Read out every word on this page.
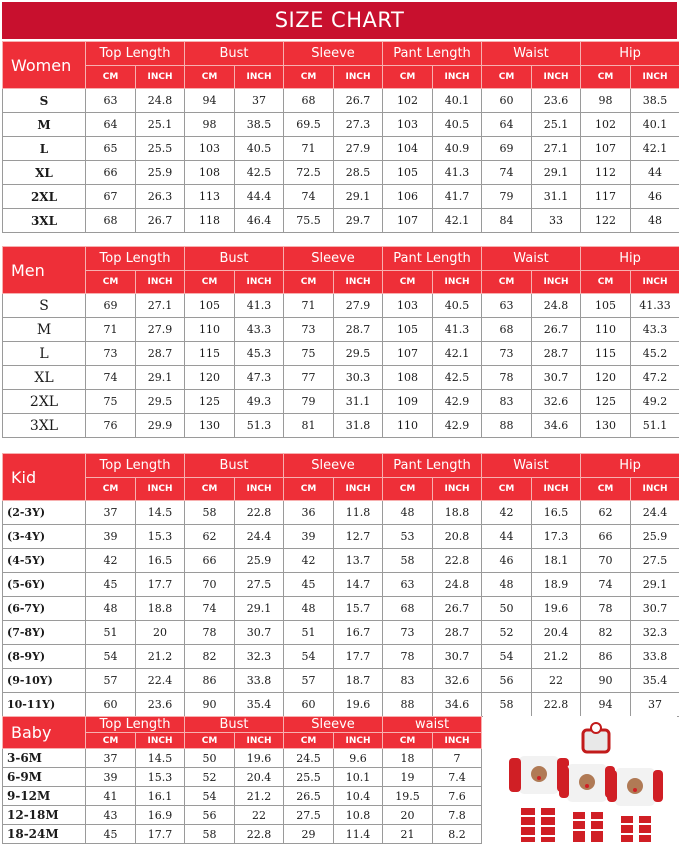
SIZE CHART
Women	Top Length		Bust		Sleeve		Pant Length		Waist		Hip	
	CM	INCH	CM	INCH	CM	INCH	CM	INCH	CM	INCH	CM	INCH
S	63	24.8	94	37	68	26.7	102	40.1	60	23.6	98	38.5
M	64	25.1	98	38.5	69.5	27.3	103	40.5	64	25.1	102	40.1
L	65	25.5	103	40.5	71	27.9	104	40.9	69	27.1	107	42.1
XL	66	25.9	108	42.5	72.5	28.5	105	41.3	74	29.1	112	44
2XL	67	26.3	113	44.4	74	29.1	106	41.7	79	31.1	117	46
3XL	68	26.7	118	46.4	75.5	29.7	107	42.1	84	33	122	48
Men	Top Length		Bust		Sleeve		Pant Length		Waist		Hip	
	CM	INCH	CM	INCH	CM	INCH	CM	INCH	CM	INCH	CM	INCH
S	69	27.1	105	41.3	71	27.9	103	40.5	63	24.8	105	41.33
M	71	27.9	110	43.3	73	28.7	105	41.3	68	26.7	110	43.3
L	73	28.7	115	45.3	75	29.5	107	42.1	73	28.7	115	45.2
XL	74	29.1	120	47.3	77	30.3	108	42.5	78	30.7	120	47.2
2XL	75	29.5	125	49.3	79	31.1	109	42.9	83	32.6	125	49.2
3XL	76	29.9	130	51.3	81	31.8	110	42.9	88	34.6	130	51.1
Kid	Top Length		Bust		Sleeve		Pant Length		Waist		Hip	
	CM	INCH	CM	INCH	CM	INCH	CM	INCH	CM	INCH	CM	INCH
(2-3Y)	37	14.5	58	22.8	36	11.8	48	18.8	42	16.5	62	24.4
(3-4Y)	39	15.3	62	24.4	39	12.7	53	20.8	44	17.3	66	25.9
(4-5Y)	42	16.5	66	25.9	42	13.7	58	22.8	46	18.1	70	27.5
(5-6Y)	45	17.7	70	27.5	45	14.7	63	24.8	48	18.9	74	29.1
(6-7Y)	48	18.8	74	29.1	48	15.7	68	26.7	50	19.6	78	30.7
(7-8Y)	51	20	78	30.7	51	16.7	73	28.7	52	20.4	82	32.3
(8-9Y)	54	21.2	82	32.3	54	17.7	78	30.7	54	21.2	86	33.8
(9-10Y)	57	22.4	86	33.8	57	18.7	83	32.6	56	22	90	35.4
10-11Y)	60	23.6	90	35.4	60	19.6	88	34.6	58	22.8	94	37
Baby	Top Length		Bust		Sleeve		waist	
	CM	INCH	CM	INCH	CM	INCH	CM	INCH
3-6M	37	14.5	50	19.6	24.5	9.6	18	7
6-9M	39	15.3	52	20.4	25.5	10.1	19	7.4
9-12M	41	16.1	54	21.2	26.5	10.4	19.5	7.6
12-18M	43	16.9	56	22	27.5	10.8	20	7.8
18-24M	45	17.7	58	22.8	29	11.4	21	8.2
